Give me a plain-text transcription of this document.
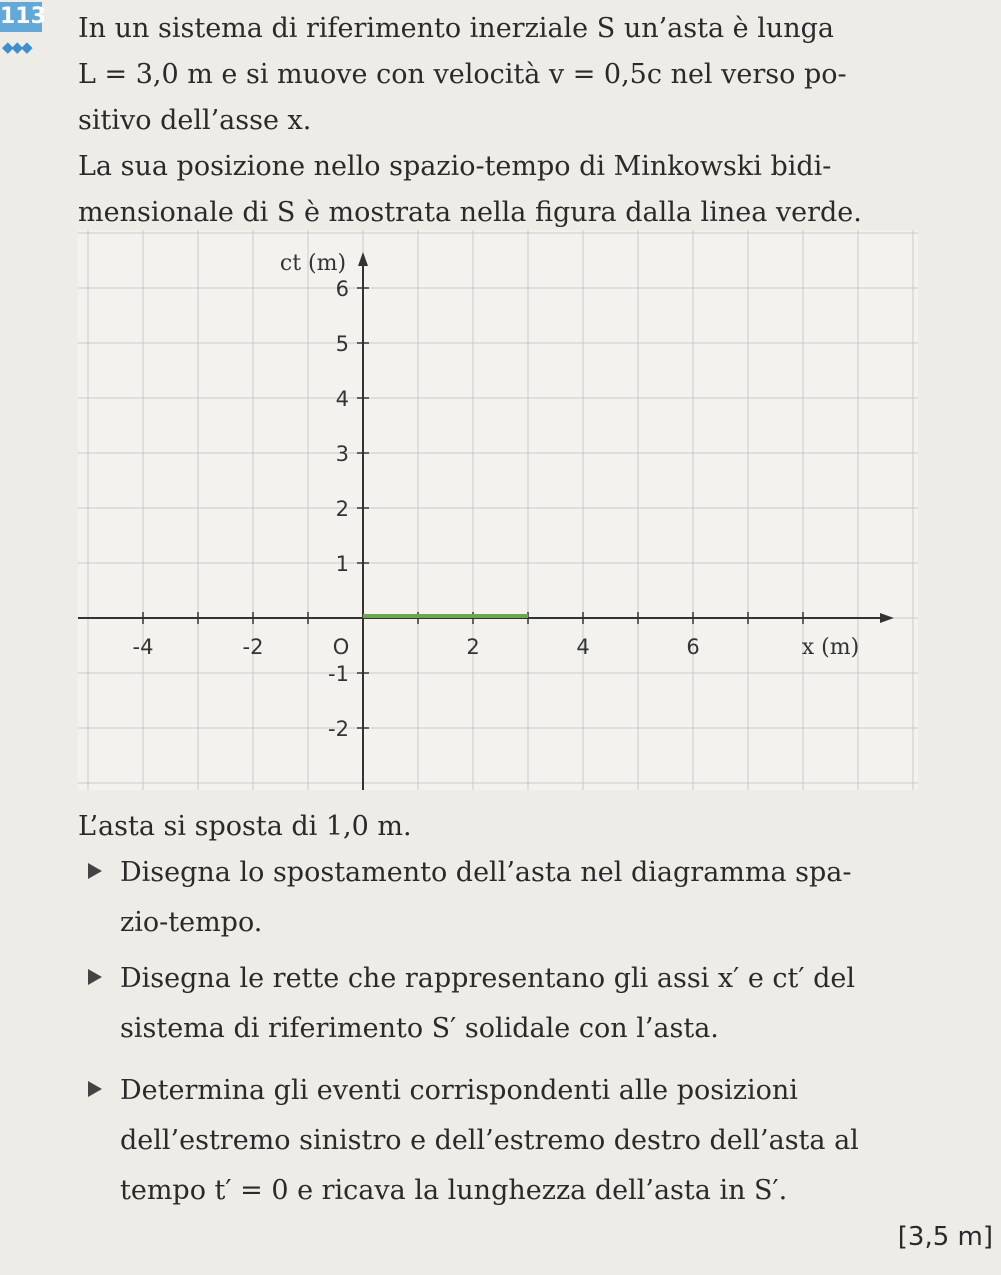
113
◆◆◆
In un sistema di riferimento inerziale S un’asta è lunga
L = 3,0 m e si muove con velocità v = 0,5c nel verso po-
sitivo dell’asse x.
La sua posizione nello spazio-tempo di Minkowski bidi-
mensionale di S è mostrata nella figura dalla linea verde.
-4	-2	2	4	6
6
5
4
3
2
1
-1
-2
O	x (m)
ct (m)
L’asta si sposta di 1,0 m.
Disegna lo spostamento dell’asta nel diagramma spa-
zio-tempo.
Disegna le rette che rappresentano gli assi x′ e ct′ del
sistema di riferimento S′ solidale con l’asta.
Determina gli eventi corrispondenti alle posizioni
dell’estremo sinistro e dell’estremo destro dell’asta al
tempo t′ = 0 e ricava la lunghezza dell’asta in S′.
[3,5 m]
